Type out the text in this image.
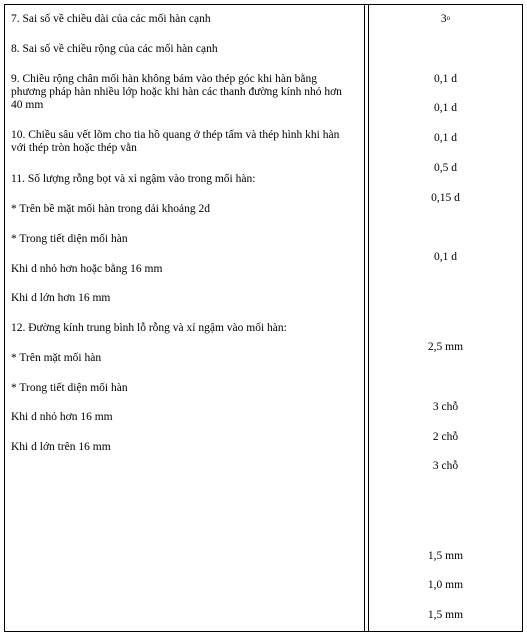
7. Sai số về chiều dài của các mối hàn cạnh
8. Sai số về chiều rộng của các mối hàn cạnh
9. Chiều rộng chân mối hàn không bám vào thép góc khi hàn bằng phương pháp hàn nhiều lớp hoặc khi hàn các thanh đường kính nhỏ hơn 40 mm
10. Chiều sâu vết lõm cho tia hồ quang ở thép tấm và thép hình khi hàn với thép tròn hoặc thép vằn
11. Số lượng rỗng bọt và xỉ ngậm vào trong mối hàn:
* Trên bề mặt mối hàn trong dải khoảng 2d
* Trong tiết diện mối hàn
Khi d nhỏ hơn hoặc bằng 16 mm
Khi d lớn hơn 16 mm
12. Đường kính trung bình lỗ rỗng và xỉ ngậm vào mối hàn:
* Trên mặt mối hàn
* Trong tiết diện mối hàn
Khi d nhỏ hơn 16 mm
Khi d lớn trên 16 mm
3$^o$
0,1 d
0,1 d
0,1 d
0,5 d
0,15 d
0,1 d
2,5 mm
3 chỗ
2 chỗ
3 chỗ
1,5 mm
1,0 mm
1,5 mm
